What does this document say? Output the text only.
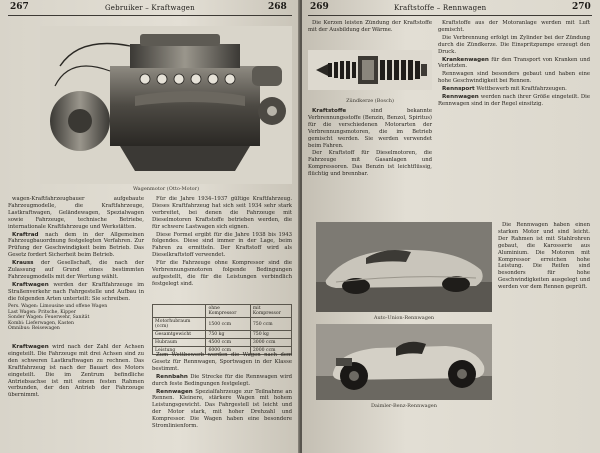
267	Gebruiker – Kraftwagen	268
Wagenmotor (Otto-Motor)

wagen-Kraftfahrzeugbauer aufgebaute Fahrzeugmodelle, die Kraftfahrzeuge, Lastkraftwagen, Geländewagen, Spezialwagen sowie Fahrzeuge, technische Betriebe, internationale Kraftfahrzeuge und Werkstätten.

Kraftrad nach dem in der Allgemeinen Fahrzeugbauordnung festgelegten Verfahren. Zur Prüfung der Geschwindigkeit beim Betrieb. Das Gesetz fordert Sicherheit beim Betrieb.

Krauss der Gesellschaft, die nach der Zulassung auf Grund eines bestimmten Fahrzeugmodells mit der Wertung wählt.

Kraftwagen werden der Kraftfahrzeuge im Straßenverkehr nach Fahrgestelle und Aufbau in die folgenden Arten unterteilt: Sie schreiben.

Pers. Wagen: Limousine und offene Wagen
Last Wagen: Pritsche, Kipper
Sonder Wagen: Feuerwehr, Sanität
Kombi: Lieferwagen, Kasten
Omnibus: Reisewagen

Kraftwagen wird nach der Zahl der Achsen eingeteilt. Die Fahrzeuge mit drei Achsen sind zu den schweren Lastkraftwagen zu rechnen. Das Kraftfahrzeug ist nach der Bauart des Motors eingeteilt. Die im Zentrum befindliche Antriebsachse ist mit einem festen Rahmen verbunden, der den Antrieb der Fahrzeuge übernimmt.

Für die Jahre 1934–1937 gültige Kraftfahrzeug. Dieses Kraftfahrzeug hat sich seit 1934 sehr stark verbreitet, bei denen die Fahrzeuge mit Dieselmotoren Kraftstoffe betrieben werden, die für schwere Lastwagen sich eignen.

Diese Formel ergibt für die Jahre 1938 bis 1943 folgendes. Diese sind immer in der Lage, beim Fahren zu ermitteln. Der Kraftstoff wird als Dieselkraftstoff verwendet.

Für die Fahrzeuge ohne Kompressor sind die Verbrennungsmotoren folgende Bedingungen aufgestellt, die für die Leistungen verbindlich festgelegt sind.

	ohne Kompressor	mit Kompressor
Motorhubraum (ccm)	1500 ccm	750 ccm
Gesamtgewicht	750 kg	750 kg
Hubraum	4500 ccm	3000 ccm
Leistung	6000 ccm	2000 ccm

Zum Wettbewerb werden die Wagen nach dem Gesetz für Rennwagen, Sportwagen in der Klasse bestimmt.

Rennbahn Die Strecke für die Rennwagen wird durch feste Bedingungen festgelegt.

Rennwagen Spezialfahrzeuge zur Teilnahme an Rennen. Kleinere, stärkere Wagen mit hohem Leistungsgewicht. Das Fahrgestell ist leicht und der Motor stark, mit hoher Drehzahl und Kompressor. Die Wagen haben eine besondere Stromlinienform.

269	Kraftstoffe – Rennwagen	270
Zündkerze (Bosch)

Die Kerzen leisten Zündung der Kraftstoffe mit der Ausbildung der Wärme.

Kraftstoffe	sind bekannte Verbrennungsstoffe (Benzin, Benzol, Spiritus) für die verschiedenen Motorarten der Verbrennungsmotoren, die im Betrieb gemischt werden. Sie werden verwendet beim Fahren.

Der Kraftstoff für Dieselmotoren, die Fahrzeuge mit Gasanlagen und Kompressoren. Das Benzin ist leichtflüssig, flüchtig und brennbar.

Kraftstoffe aus der Motoranlage werden mit Luft gemischt.

Die Verbrennung erfolgt im Zylinder bei der Zündung durch die Zündkerze. Die Einspritzpumpe erzeugt den Druck.

Krankenwagen für den Transport von Kranken und Verletzten.

Rennwagen sind besonders gebaut und haben eine hohe Geschwindigkeit bei Rennen.

Rennsport Wettbewerb mit Kraftfahrzeugen.

Rennwagen werden nach ihrer Größe eingeteilt. Die Rennwagen sind in der Regel einsitzig.

Auto-Union-Rennwagen
Daimler-Benz-Rennwagen

Die Rennwagen haben einen starken Motor und sind leicht. Der Rahmen ist mit Stahlrohren gebaut, die Karosserie aus Aluminium. Die Motoren mit Kompressor erreichen hohe Leistung. Die Reifen sind besonders für hohe Geschwindigkeiten ausgelegt und werden vor dem Rennen geprüft.
